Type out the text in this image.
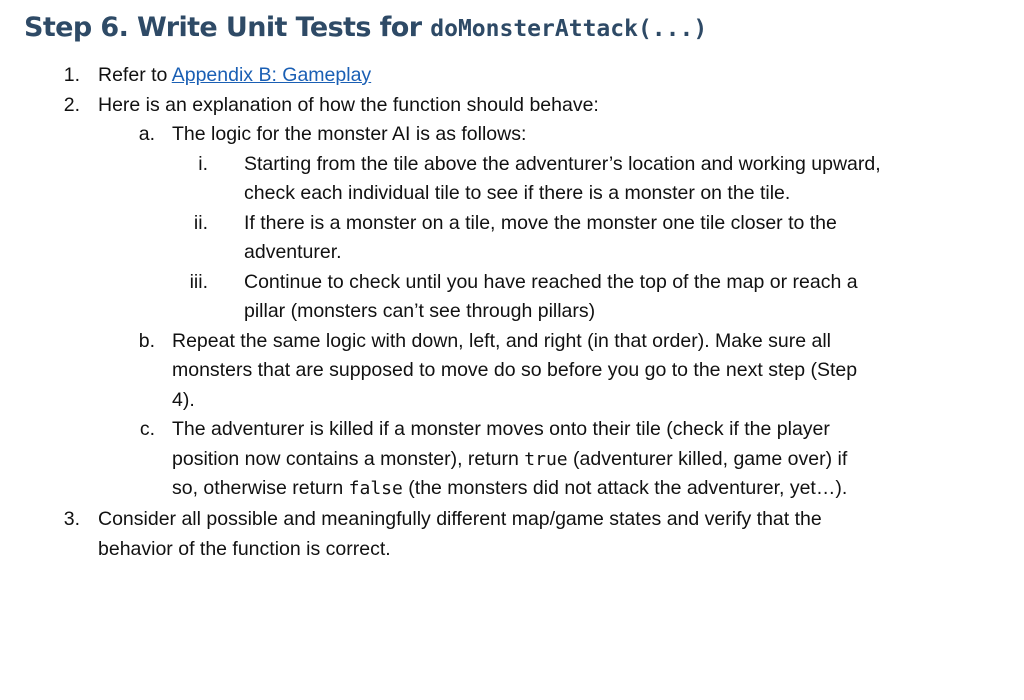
Step 6. Write Unit Tests for doMonsterAttack(...)
1. Refer to Appendix B: Gameplay
2. Here is an explanation of how the function should behave:
a. The logic for the monster AI is as follows:
i. Starting from the tile above the adventurer’s location and working upward,
check each individual tile to see if there is a monster on the tile.
ii. If there is a monster on a tile, move the monster one tile closer to the
adventurer.
iii. Continue to check until you have reached the top of the map or reach a
pillar (monsters can’t see through pillars)
b. Repeat the same logic with down, left, and right (in that order). Make sure all
monsters that are supposed to move do so before you go to the next step (Step
4).
c. The adventurer is killed if a monster moves onto their tile (check if the player
position now contains a monster), return true (adventurer killed, game over) if
so, otherwise return false (the monsters did not attack the adventurer, yet…).
3. Consider all possible and meaningfully different map/game states and verify that the
behavior of the function is correct.
